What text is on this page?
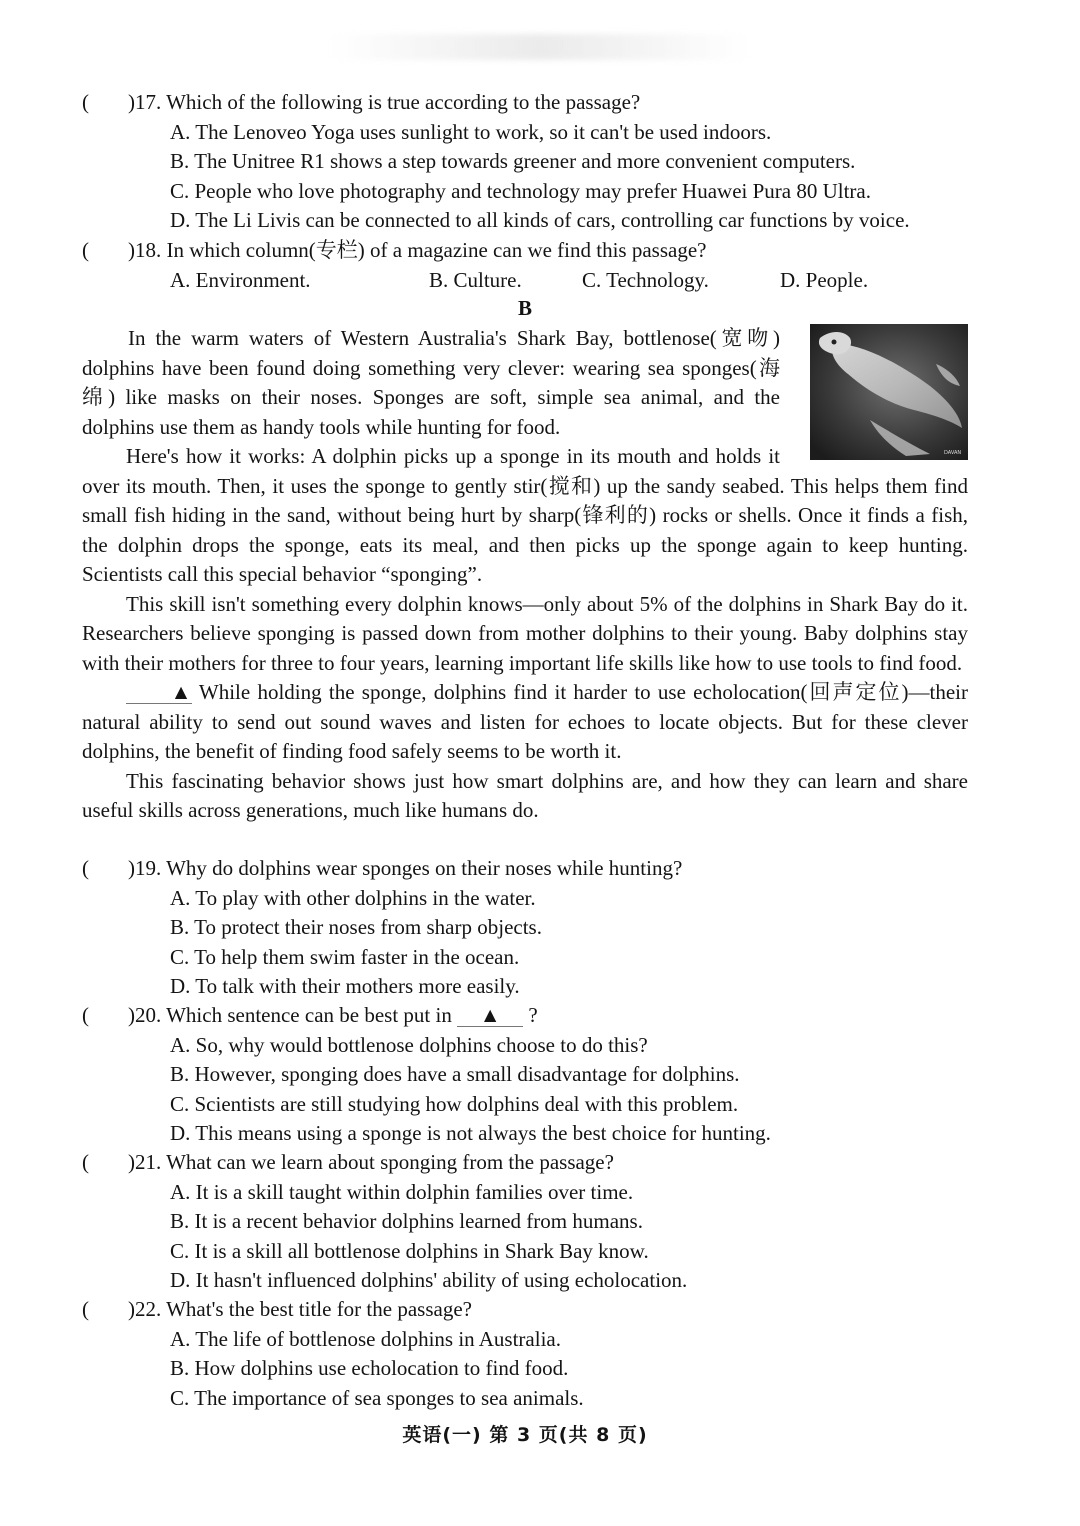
( )17. Which of the following is true according to the passage?
A. The Lenoveo Yoga uses sunlight to work, so it can't be used indoors.
B. The Unitree R1 shows a step towards greener and more convenient computers.
C. People who love photography and technology may prefer Huawei Pura 80 Ultra.
D. The Li Livis can be connected to all kinds of cars, controlling car functions by voice.
( )18. In which column(专栏) of a magazine can we find this passage?
A. Environment.	B. Culture.	C. Technology.	D. People.
B
DAVAN

In the warm waters of Western Australia's Shark Bay, bottlenose(宽吻) dolphins have been found doing something very clever: wearing sea sponges(海绵) like masks on their noses. Sponges are soft, simple sea animal, and the dolphins use them as handy tools while hunting for food.

Here's how it works: A dolphin picks up a sponge in its mouth and holds it over its mouth. Then, it uses the sponge to gently stir(搅和) up the sandy seabed. This helps them find small fish hiding in the sand, without being hurt by sharp(锋利的) rocks or shells. Once it finds a fish, the dolphin drops the sponge, eats its meal, and then picks up the sponge again to keep hunting. Scientists call this special behavior “sponging”.

This skill isn't something every dolphin knows—only about 5% of the dolphins in Shark Bay do it. Researchers believe sponging is passed down from mother dolphins to their young. Baby dolphins stay with their mothers for three to four years, learning important life skills like how to use tools to find food.

▲ While holding the sponge, dolphins find it harder to use echolocation(回声定位)—their natural ability to send out sound waves and listen for echoes to locate objects. But for these clever dolphins, the benefit of finding food safely seems to be worth it.

This fascinating behavior shows just how smart dolphins are, and how they can learn and share useful skills across generations, much like humans do.

( )19. Why do dolphins wear sponges on their noses while hunting?
A. To play with other dolphins in the water.
B. To protect their noses from sharp objects.
C. To help them swim faster in the ocean.
D. To talk with their mothers more easily.
( )20. Which sentence can be best put in ▲ ?
A. So, why would bottlenose dolphins choose to do this?
B. However, sponging does have a small disadvantage for dolphins.
C. Scientists are still studying how dolphins deal with this problem.
D. This means using a sponge is not always the best choice for hunting.
( )21. What can we learn about sponging from the passage?
A. It is a skill taught within dolphin families over time.
B. It is a recent behavior dolphins learned from humans.
C. It is a skill all bottlenose dolphins in Shark Bay know.
D. It hasn't influenced dolphins' ability of using echolocation.
( )22. What's the best title for the passage?
A. The life of bottlenose dolphins in Australia.
B. How dolphins use echolocation to find food.
C. The importance of sea sponges to sea animals.
英语(一) 第 3 页(共 8 页)
